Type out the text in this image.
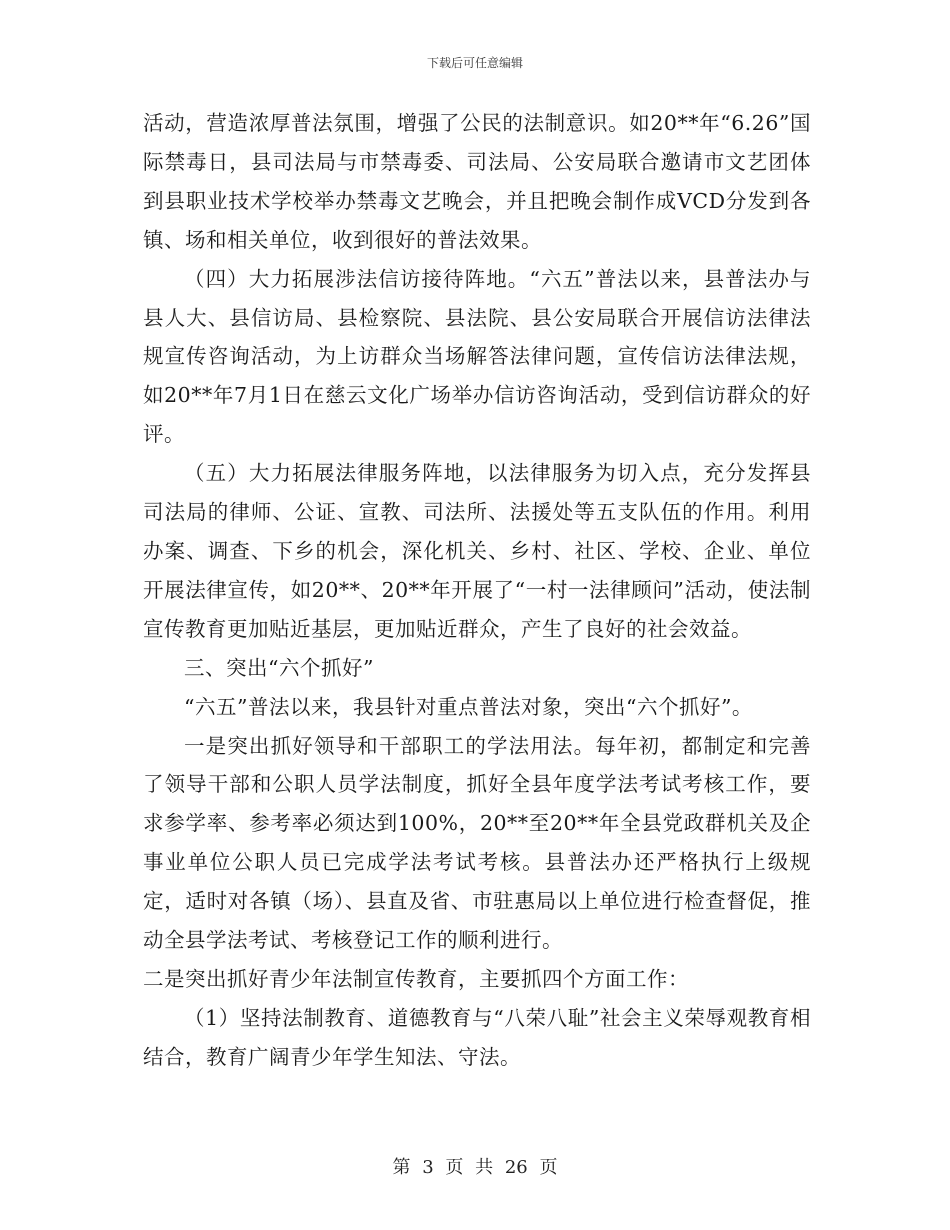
下载后可任意编辑

活动，营造浓厚普法氛围，增强了公民的法制意识。如20**年“6.26”国际禁毒日，县司法局与市禁毒委、司法局、公安局联合邀请市文艺团体到县职业技术学校举办禁毒文艺晚会，并且把晚会制作成VCD分发到各镇、场和相关单位，收到很好的普法效果。

（四）大力拓展涉法信访接待阵地。“六五”普法以来，县普法办与县人大、县信访局、县检察院、县法院、县公安局联合开展信访法律法规宣传咨询活动，为上访群众当场解答法律问题，宣传信访法律法规，如20**年7月1日在慈云文化广场举办信访咨询活动，受到信访群众的好评。

（五）大力拓展法律服务阵地，以法律服务为切入点，充分发挥县司法局的律师、公证、宣教、司法所、法援处等五支队伍的作用。利用办案、调查、下乡的机会，深化机关、乡村、社区、学校、企业、单位开展法律宣传，如20**、20**年开展了“一村一法律顾问”活动，使法制宣传教育更加贴近基层，更加贴近群众，产生了良好的社会效益。

三、突出“六个抓好”

“六五”普法以来，我县针对重点普法对象，突出“六个抓好”。

一是突出抓好领导和干部职工的学法用法。每年初，都制定和完善了领导干部和公职人员学法制度，抓好全县年度学法考试考核工作，要求参学率、参考率必须达到100%，20**至20**年全县党政群机关及企事业单位公职人员已完成学法考试考核。县普法办还严格执行上级规定，适时对各镇（场）、县直及省、市驻惠局以上单位进行检查督促，推动全县学法考试、考核登记工作的顺利进行。

二是突出抓好青少年法制宣传教育，主要抓四个方面工作：

（1）坚持法制教育、道德教育与“八荣八耻”社会主义荣辱观教育相结合，教育广阔青少年学生知法、守法。

第 3 页 共 26 页
